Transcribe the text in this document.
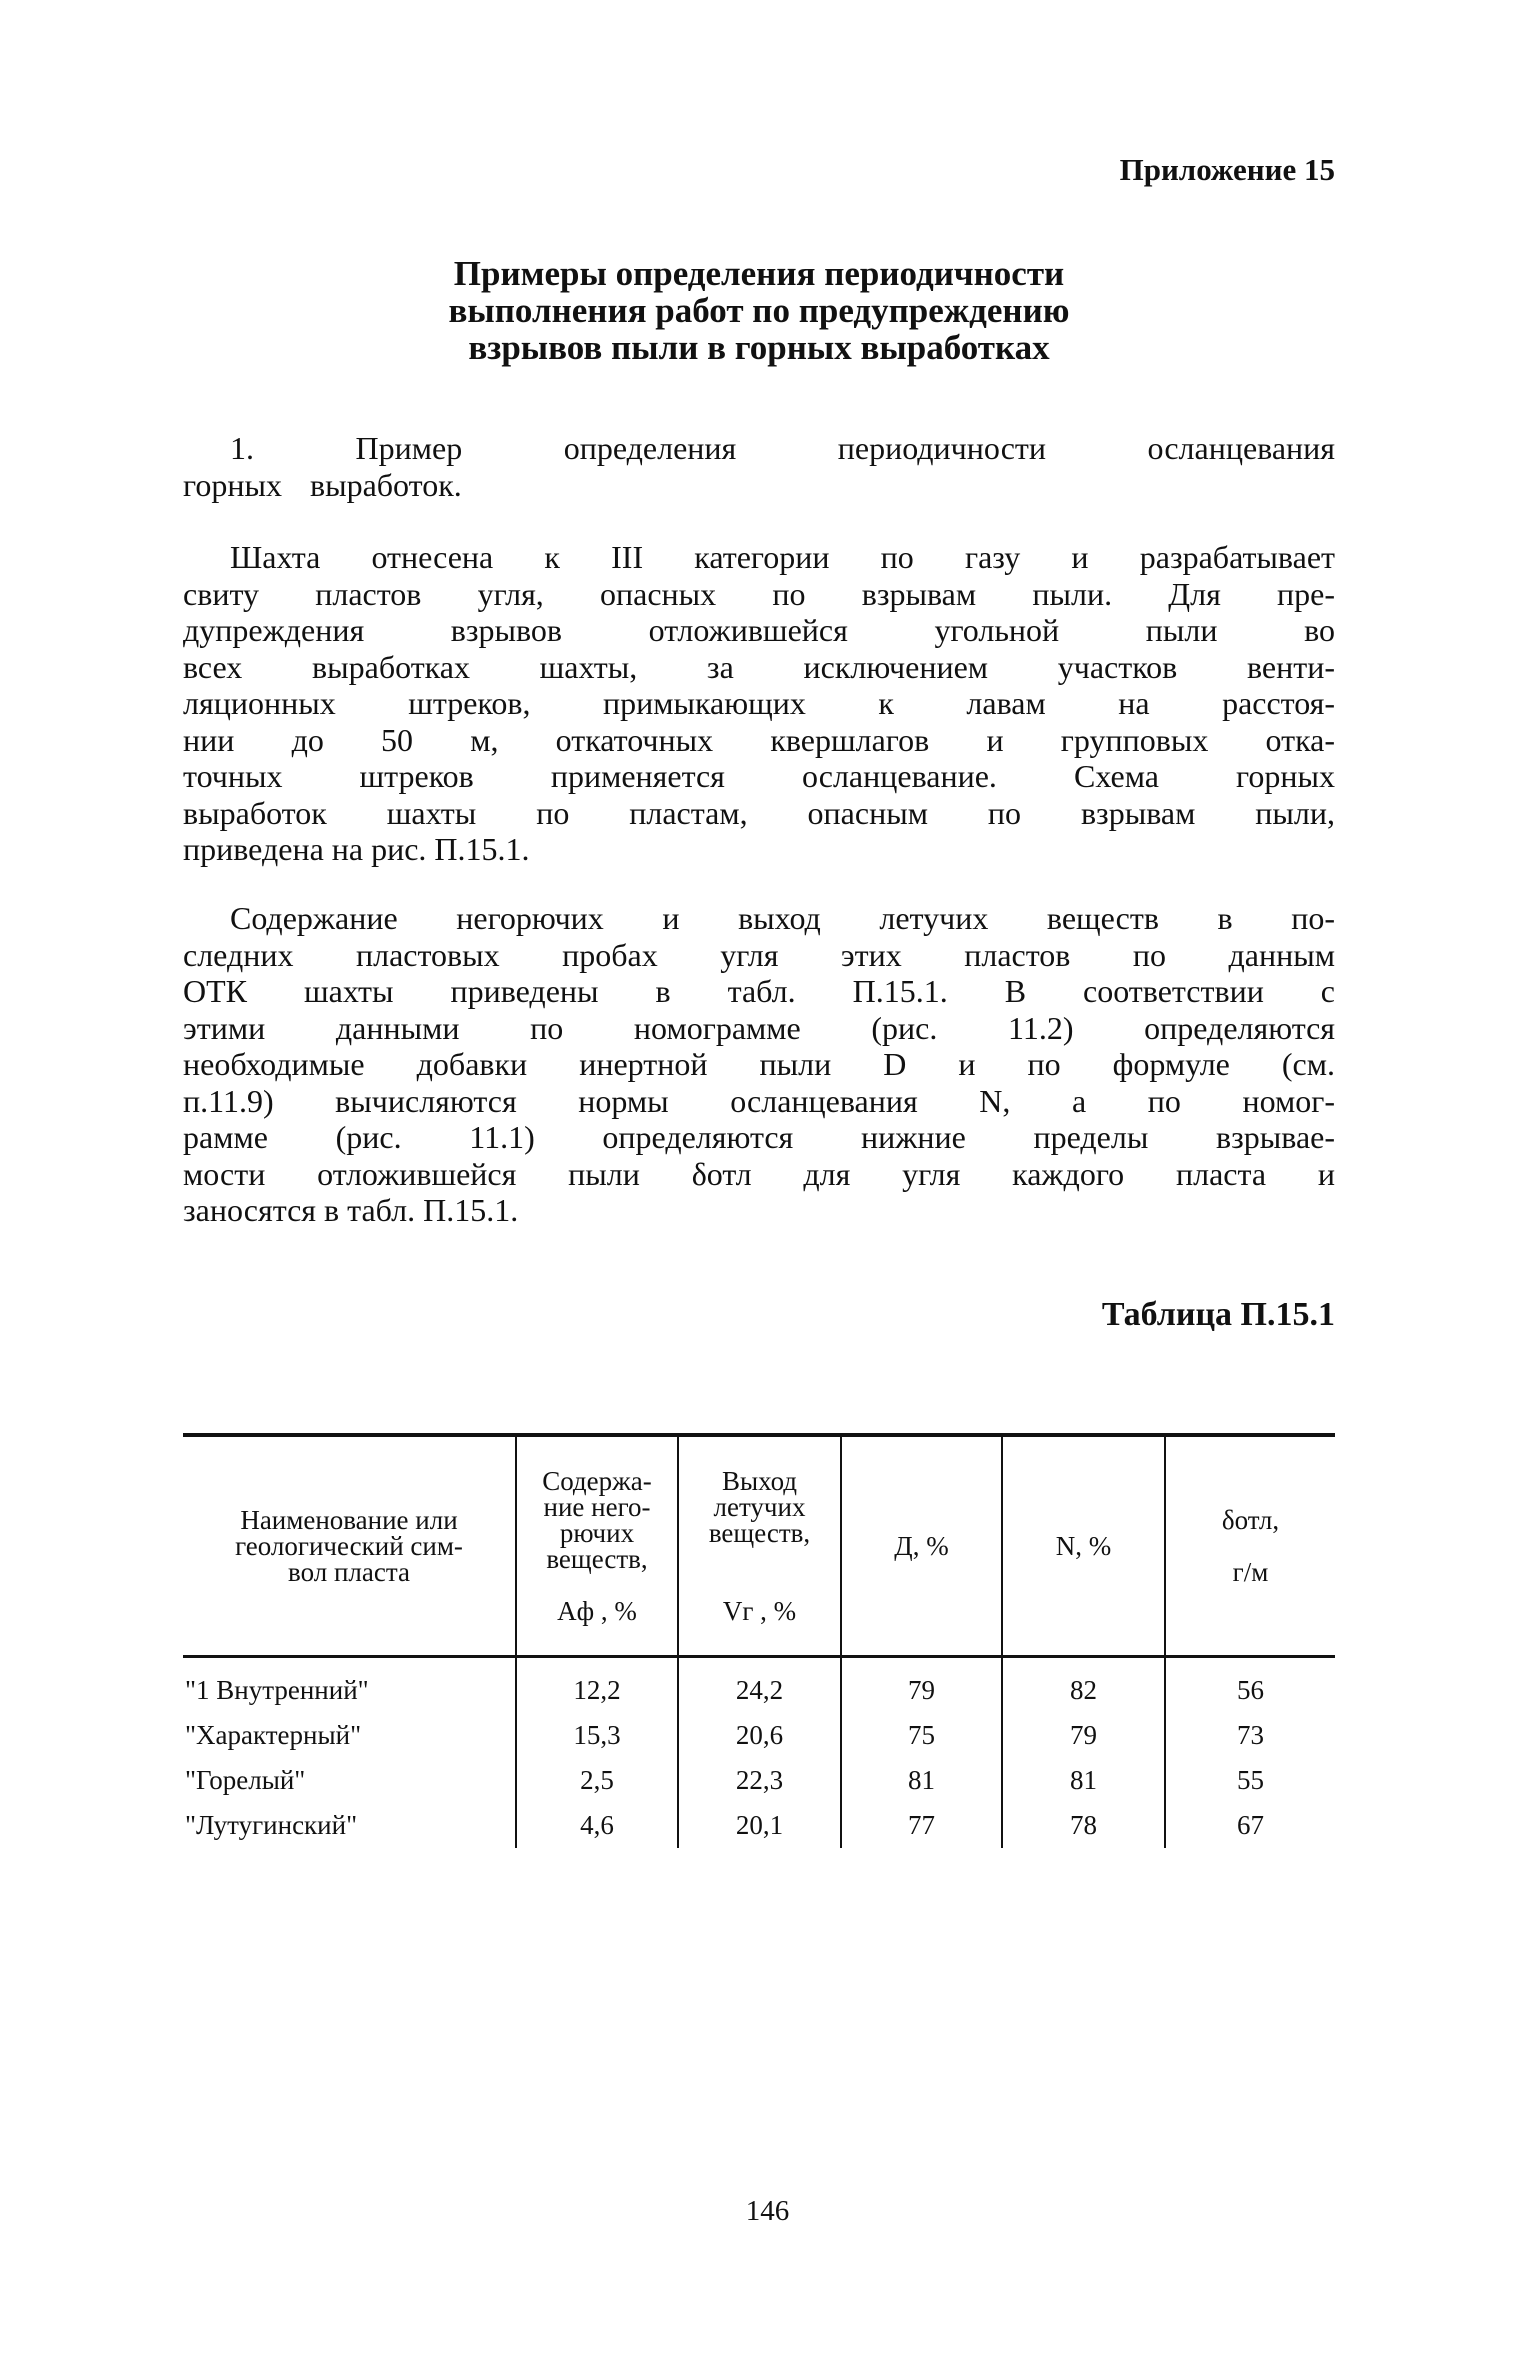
Приложение 15
Примеры определения периодичности
выполнения работ по предупреждению
взрывов пыли в горных выработках
1. Пример определения периодичности осланцевания
горных выработок.
Шахта отнесена к III категории по газу и разрабатывает
свиту пластов угля, опасных по взрывам пыли. Для пре-
дупреждения взрывов отложившейся угольной пыли во
всех выработках шахты, за исключением участков венти-
ляционных штреков, примыкающих к лавам на расстоя-
нии до 50 м, откаточных квершлагов и групповых отка-
точных штреков применяется осланцевание. Схема горных
выработок шахты по пластам, опасным по взрывам пыли,
приведена на рис. П.15.1.
Содержание негорючих и выход летучих веществ в по-
следних пластовых пробах угля этих пластов по данным
ОТК шахты приведены в табл. П.15.1. В соответствии с
этими данными по номограмме (рис. 11.2) определяются
необходимые добавки инертной пыли D и по формуле (см.
п.11.9) вычисляются нормы осланцевания N, а по номог-
рамме (рис. 11.1) определяются нижние пределы взрывае-
мости отложившейся пыли δотл для угля каждого пласта и
заносятся в табл. П.15.1.
Таблица П.15.1
Наименование или
геологический сим-
вол пласта	Содержа-
ние него-
рючих
веществ,

Aф , %	Выход
летучих
веществ,

Vг , %	Д, %	N, %	δотл,

г/м
"1 Внутренний"	12,2	24,2	79	82	56
"Характерный"	15,3	20,6	75	79	73
"Горелый"	2,5	22,3	81	81	55
"Лутугинский"	4,6	20,1	77	78	67
146
